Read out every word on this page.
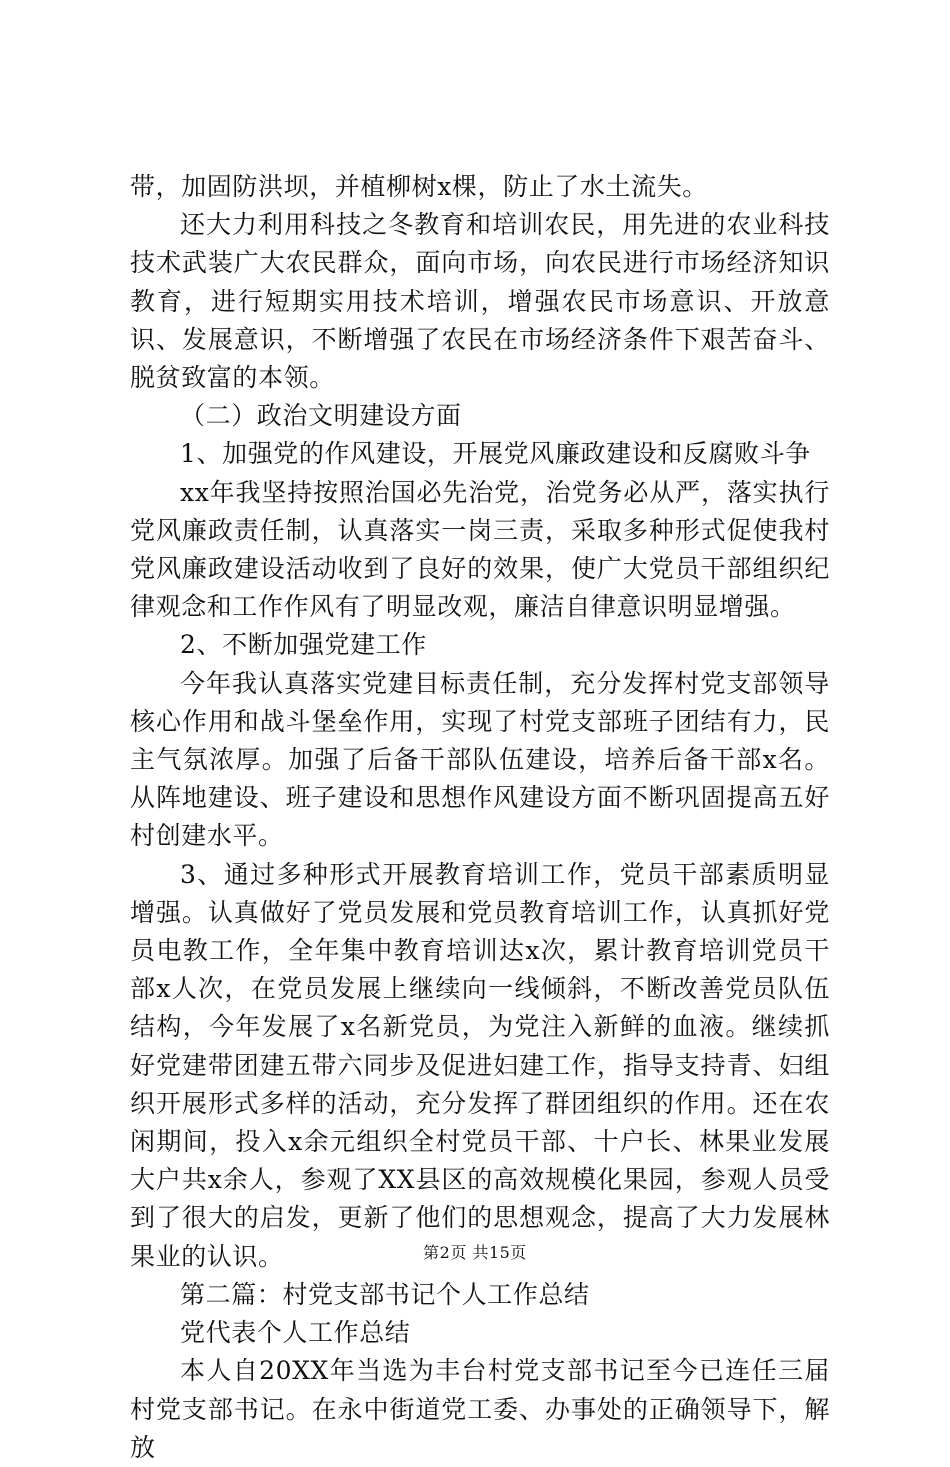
带，加固防洪坝，并植柳树x棵，防止了水土流失。

还大力利用科技之冬教育和培训农民，用先进的农业科技技术武装广大农民群众，面向市场，向农民进行市场经济知识教育，进行短期实用技术培训，增强农民市场意识、开放意识、发展意识，不断增强了农民在市场经济条件下艰苦奋斗、脱贫致富的本领。

（二）政治文明建设方面

1、加强党的作风建设，开展党风廉政建设和反腐败斗争

xx年我坚持按照治国必先治党，治党务必从严，落实执行党风廉政责任制，认真落实一岗三责，采取多种形式促使我村党风廉政建设活动收到了良好的效果，使广大党员干部组织纪律观念和工作作风有了明显改观，廉洁自律意识明显增强。

2、不断加强党建工作

今年我认真落实党建目标责任制，充分发挥村党支部领导核心作用和战斗堡垒作用，实现了村党支部班子团结有力，民主气氛浓厚。加强了后备干部队伍建设，培养后备干部x名。从阵地建设、班子建设和思想作风建设方面不断巩固提高五好村创建水平。

3、通过多种形式开展教育培训工作，党员干部素质明显增强。认真做好了党员发展和党员教育培训工作，认真抓好党员电教工作，全年集中教育培训达x次，累计教育培训党员干部x人次，在党员发展上继续向一线倾斜，不断改善党员队伍结构，今年发展了x名新党员，为党注入新鲜的血液。继续抓好党建带团建五带六同步及促进妇建工作，指导支持青、妇组织开展形式多样的活动，充分发挥了群团组织的作用。还在农闲期间，投入x余元组织全村党员干部、十户长、林果业发展大户共x余人，参观了XX县区的高效规模化果园，参观人员受到了很大的启发，更新了他们的思想观念，提高了大力发展林果业的认识。

第二篇：村党支部书记个人工作总结

党代表个人工作总结

本人自20XX年当选为丰台村党支部书记至今已连任三届村党支部书记。在永中街道党工委、办事处的正确领导下，解放

第2页 共15页
